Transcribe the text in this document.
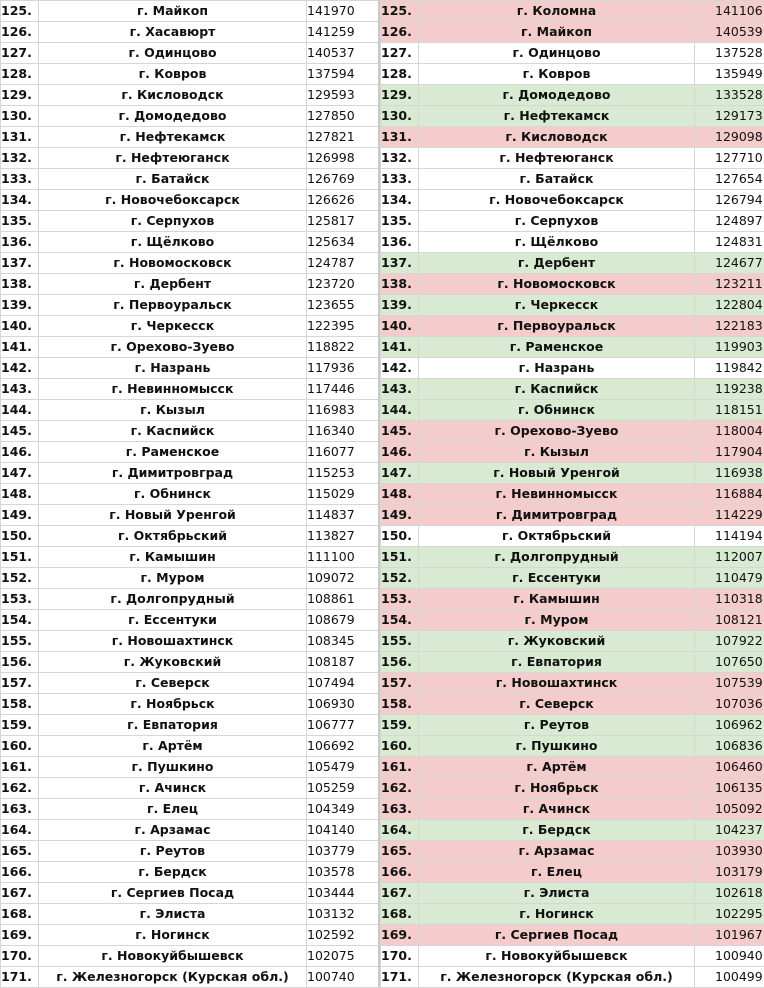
125.	г. Майкоп	141970
126.	г. Хасавюрт	141259
127.	г. Одинцово	140537
128.	г. Ковров	137594
129.	г. Кисловодск	129593
130.	г. Домодедово	127850
131.	г. Нефтекамск	127821
132.	г. Нефтеюганск	126998
133.	г. Батайск	126769
134.	г. Новочебоксарск	126626
135.	г. Серпухов	125817
136.	г. Щёлково	125634
137.	г. Новомосковск	124787
138.	г. Дербент	123720
139.	г. Первоуральск	123655
140.	г. Черкесск	122395
141.	г. Орехово-Зуево	118822
142.	г. Назрань	117936
143.	г. Невинномысск	117446
144.	г. Кызыл	116983
145.	г. Каспийск	116340
146.	г. Раменское	116077
147.	г. Димитровград	115253
148.	г. Обнинск	115029
149.	г. Новый Уренгой	114837
150.	г. Октябрьский	113827
151.	г. Камышин	111100
152.	г. Муром	109072
153.	г. Долгопрудный	108861
154.	г. Ессентуки	108679
155.	г. Новошахтинск	108345
156.	г. Жуковский	108187
157.	г. Северск	107494
158.	г. Ноябрьск	106930
159.	г. Евпатория	106777
160.	г. Артём	106692
161.	г. Пушкино	105479
162.	г. Ачинск	105259
163.	г. Елец	104349
164.	г. Арзамас	104140
165.	г. Реутов	103779
166.	г. Бердск	103578
167.	г. Сергиев Посад	103444
168.	г. Элиста	103132
169.	г. Ногинск	102592
170.	г. Новокуйбышевск	102075
171.	г. Железногорск (Курская обл.)	100740
125.	г. Коломна	141106
126.	г. Майкоп	140539
127.	г. Одинцово	137528
128.	г. Ковров	135949
129.	г. Домодедово	133528
130.	г. Нефтекамск	129173
131.	г. Кисловодск	129098
132.	г. Нефтеюганск	127710
133.	г. Батайск	127654
134.	г. Новочебоксарск	126794
135.	г. Серпухов	124897
136.	г. Щёлково	124831
137.	г. Дербент	124677
138.	г. Новомосковск	123211
139.	г. Черкесск	122804
140.	г. Первоуральск	122183
141.	г. Раменское	119903
142.	г. Назрань	119842
143.	г. Каспийск	119238
144.	г. Обнинск	118151
145.	г. Орехово-Зуево	118004
146.	г. Кызыл	117904
147.	г. Новый Уренгой	116938
148.	г. Невинномысск	116884
149.	г. Димитровград	114229
150.	г. Октябрьский	114194
151.	г. Долгопрудный	112007
152.	г. Ессентуки	110479
153.	г. Камышин	110318
154.	г. Муром	108121
155.	г. Жуковский	107922
156.	г. Евпатория	107650
157.	г. Новошахтинск	107539
158.	г. Северск	107036
159.	г. Реутов	106962
160.	г. Пушкино	106836
161.	г. Артём	106460
162.	г. Ноябрьск	106135
163.	г. Ачинск	105092
164.	г. Бердск	104237
165.	г. Арзамас	103930
166.	г. Елец	103179
167.	г. Элиста	102618
168.	г. Ногинск	102295
169.	г. Сергиев Посад	101967
170.	г. Новокуйбышевск	100940
171.	г. Железногорск (Курская обл.)	100499
